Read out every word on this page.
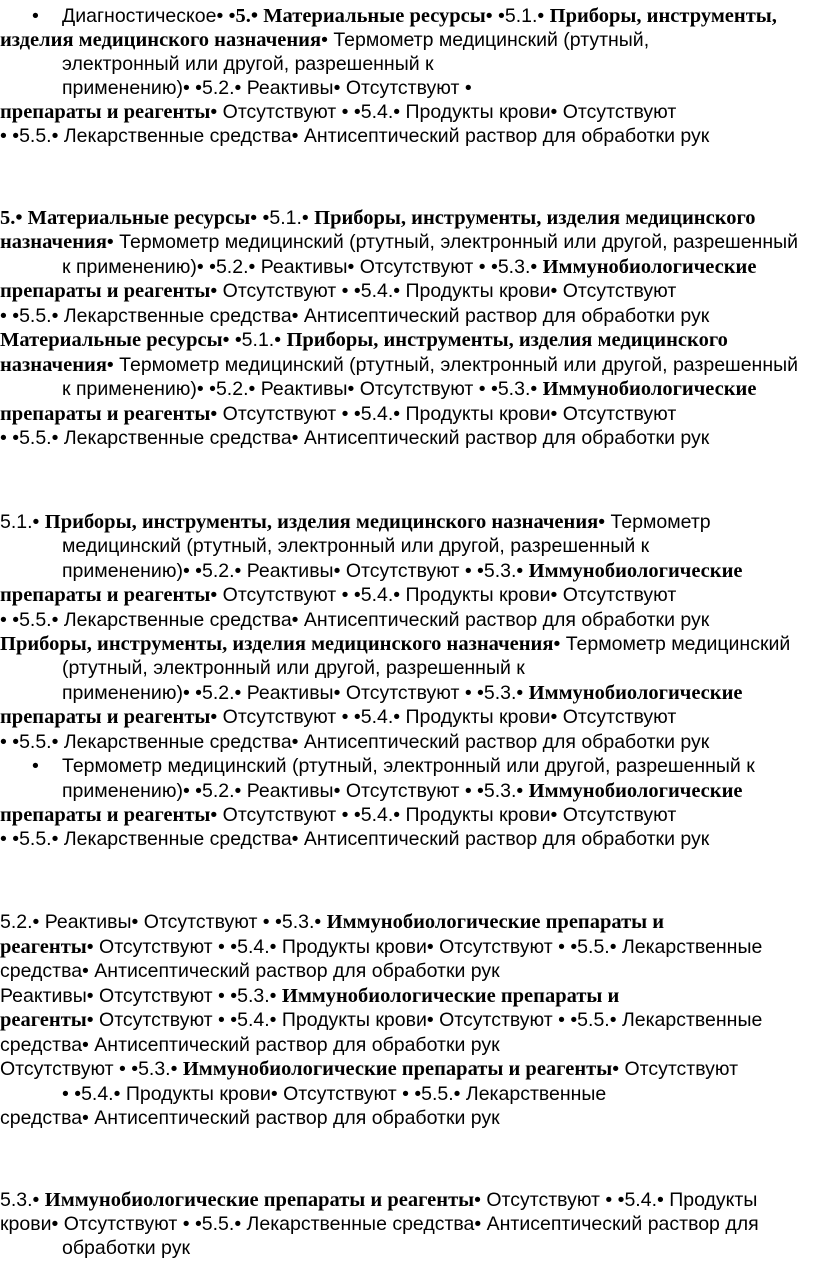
• Диагностическое• •5.• Материальные ресурсы• •5.1.• Приборы, инструменты,
изделия медицинского назначения• Термометр медицинский (ртутный,
электронный или другой, разрешенный к
применению)• •5.2.• Реактивы• Отсутствуют •
препараты и реагенты• Отсутствуют • •5.4.• Продукты крови• Отсутствуют
• •5.5.• Лекарственные средства• Антисептический раствор для обработки рук
5.• Материальные ресурсы• •5.1.• Приборы, инструменты, изделия медицинского
назначения• Термометр медицинский (ртутный, электронный или другой, разрешенный
к применению)• •5.2.• Реактивы• Отсутствуют • •5.3.• Иммунобиологические
препараты и реагенты• Отсутствуют • •5.4.• Продукты крови• Отсутствуют
• •5.5.• Лекарственные средства• Антисептический раствор для обработки рук
Материальные ресурсы• •5.1.• Приборы, инструменты, изделия медицинского
назначения• Термометр медицинский (ртутный, электронный или другой, разрешенный
к применению)• •5.2.• Реактивы• Отсутствуют • •5.3.• Иммунобиологические
препараты и реагенты• Отсутствуют • •5.4.• Продукты крови• Отсутствуют
• •5.5.• Лекарственные средства• Антисептический раствор для обработки рук
5.1.• Приборы, инструменты, изделия медицинского назначения• Термометр
медицинский (ртутный, электронный или другой, разрешенный к
применению)• •5.2.• Реактивы• Отсутствуют • •5.3.• Иммунобиологические
препараты и реагенты• Отсутствуют • •5.4.• Продукты крови• Отсутствуют
• •5.5.• Лекарственные средства• Антисептический раствор для обработки рук
Приборы, инструменты, изделия медицинского назначения• Термометр медицинский
(ртутный, электронный или другой, разрешенный к
применению)• •5.2.• Реактивы• Отсутствуют • •5.3.• Иммунобиологические
препараты и реагенты• Отсутствуют • •5.4.• Продукты крови• Отсутствуют
• •5.5.• Лекарственные средства• Антисептический раствор для обработки рук
• Термометр медицинский (ртутный, электронный или другой, разрешенный к
применению)• •5.2.• Реактивы• Отсутствуют • •5.3.• Иммунобиологические
препараты и реагенты• Отсутствуют • •5.4.• Продукты крови• Отсутствуют
• •5.5.• Лекарственные средства• Антисептический раствор для обработки рук
5.2.• Реактивы• Отсутствуют • •5.3.• Иммунобиологические препараты и
реагенты• Отсутствуют • •5.4.• Продукты крови• Отсутствуют • •5.5.• Лекарственные
средства• Антисептический раствор для обработки рук
Реактивы• Отсутствуют • •5.3.• Иммунобиологические препараты и
реагенты• Отсутствуют • •5.4.• Продукты крови• Отсутствуют • •5.5.• Лекарственные
средства• Антисептический раствор для обработки рук
Отсутствуют • •5.3.• Иммунобиологические препараты и реагенты• Отсутствуют
• •5.4.• Продукты крови• Отсутствуют • •5.5.• Лекарственные
средства• Антисептический раствор для обработки рук
5.3.• Иммунобиологические препараты и реагенты• Отсутствуют • •5.4.• Продукты
крови• Отсутствуют • •5.5.• Лекарственные средства• Антисептический раствор для
обработки рук
